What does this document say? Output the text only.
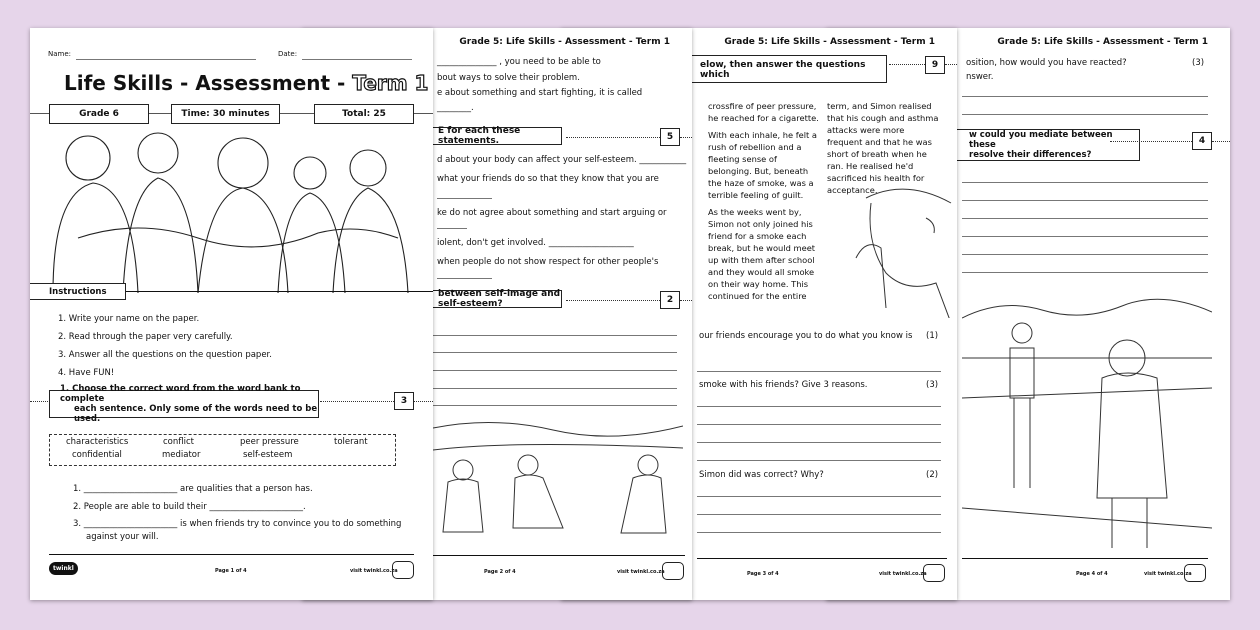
Grade 5: Life Skills - Assessment - Term 1
osition, how would you have reacted?	(3)
nswer.
w could you mediate between these
resolve their differences?
4
Page 4 of 4	visit twinkl.co.za
Grade 5: Life Skills - Assessment - Term 1
elow, then answer the questions which
9

crossfire of peer pressure, he reached for a cigarette.

With each inhale, he felt a rush of rebellion and a fleeting sense of belonging. But, beneath the haze of smoke, was a terrible feeling of guilt.

As the weeks went by, Simon not only joined his friend for a smoke each break, but he would meet up with them after school and they would all smoke on their way home. This continued for the entire

term, and Simon realised that his cough and asthma attacks were more frequent and that he was short of breath when he ran. He realised he'd sacrificed his health for acceptance.
our friends encourage you to do what you know is (1)
smoke with his friends? Give 3 reasons.	(3)
Simon did was correct? Why?	(2)
Page 3 of 4	visit twinkl.co.za
Grade 5: Life Skills - Assessment - Term 1
______________ , you need to be able to
bout ways to solve their problem.
e about something and start fighting, it is called
________.
E for each these statements.	5
d about your body can affect your self-esteem. ___________
what your friends do so that they know that you are
ke do not agree about something and start arguing or
iolent, don't get involved. ____________________
when people do not show respect for other people's
between self-image and self-esteem?	2
Page 2 of 4	visit twinkl.co.za
Name:	Date:
Life Skills - Assessment - Term 1
Grade 6	Time: 30 minutes	Total: 25
Instructions
1. Write your name on the paper.
2. Read through the paper very carefully.
3. Answer all the questions on the question paper.
4. Have FUN!
1. Choose the correct word from the word bank to complete
each sentence. Only some of the words need to be used.
3
characteristics	conflict	peer pressure	tolerant
confidential	mediator	self-esteem
1. ______________________ are qualities that a person has.
2. People are able to build their ______________________.
3. ______________________ is when friends try to convince you to do something
against your will.
twinkl	Page 1 of 4	visit twinkl.co.za
